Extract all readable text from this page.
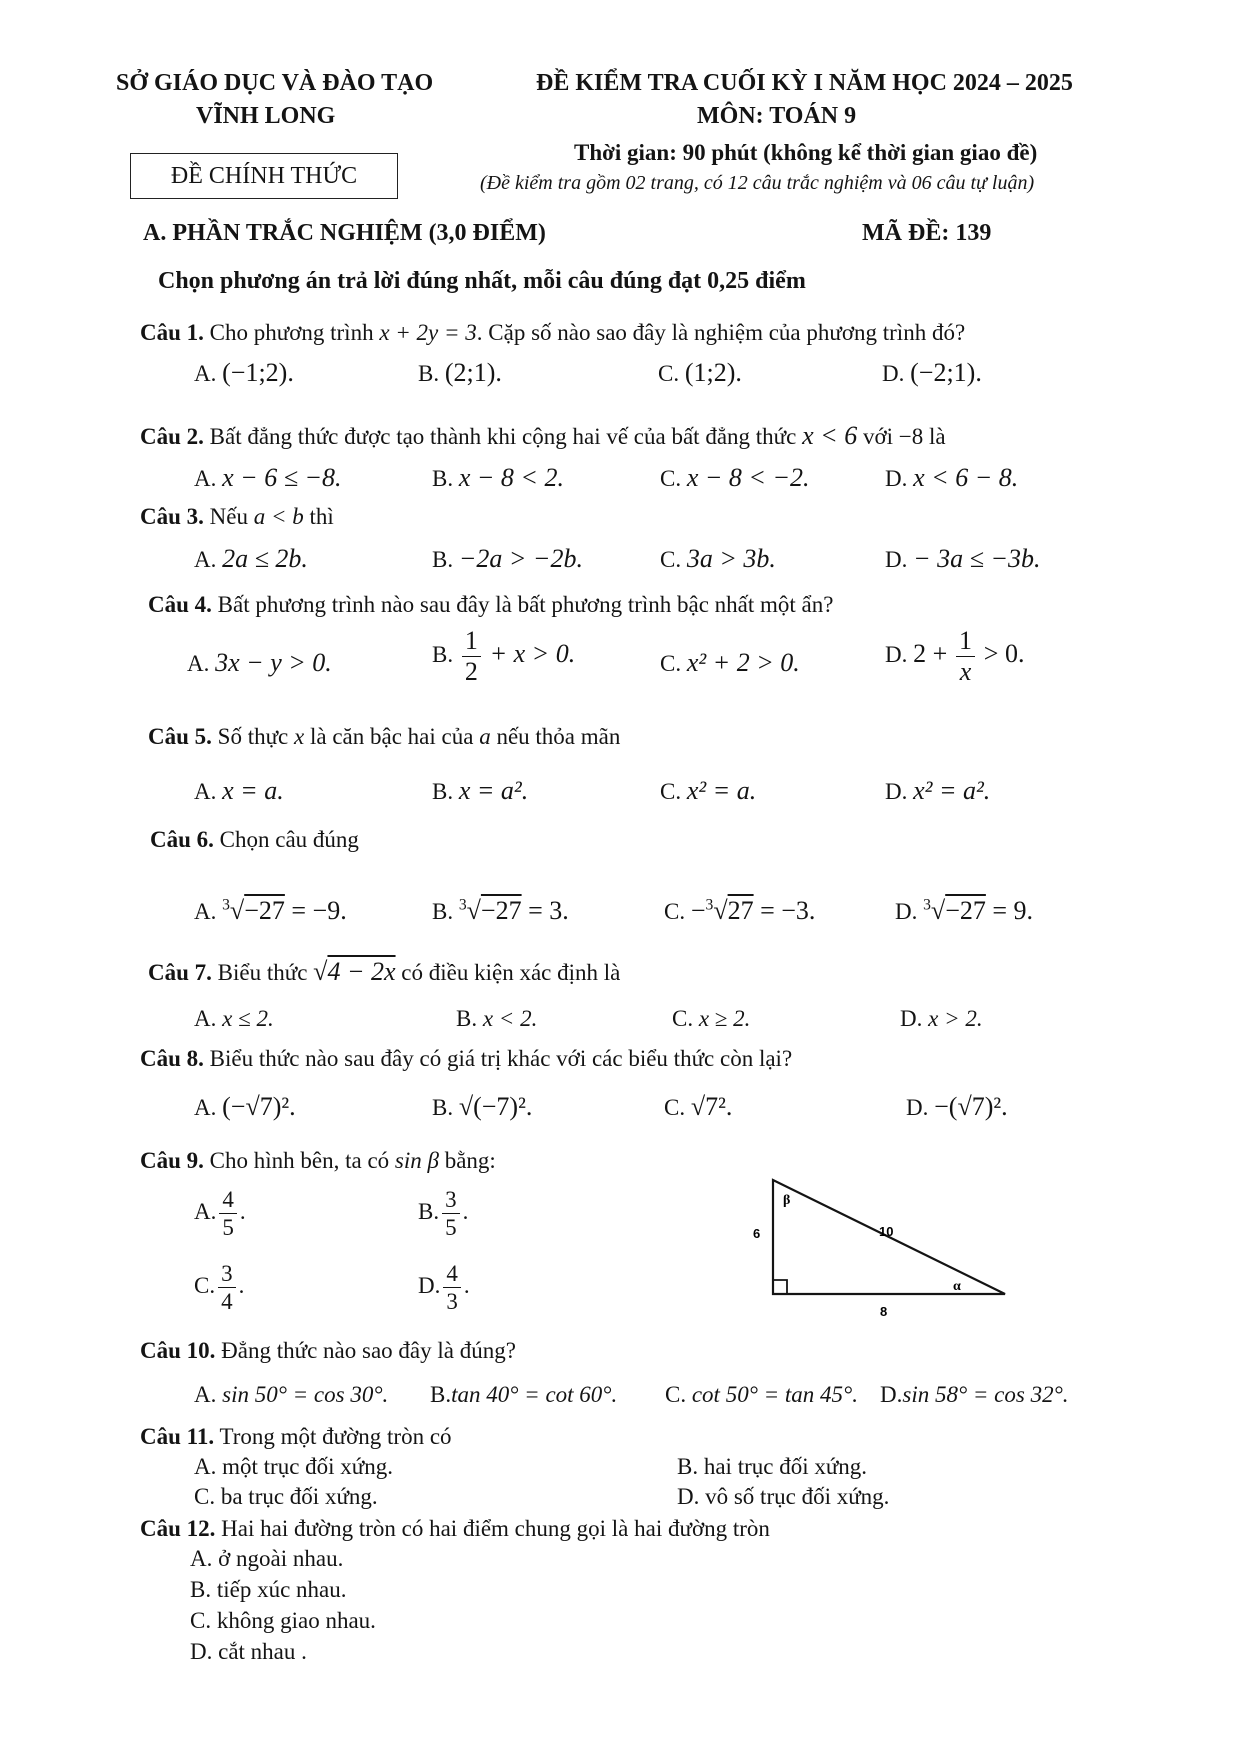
SỞ GIÁO DỤC VÀ ĐÀO TẠO
VĨNH LONG
ĐỀ CHÍNH THỨC
ĐỀ KIỂM TRA CUỐI KỲ I NĂM HỌC 2024 – 2025
MÔN: TOÁN 9
Thời gian: 90 phút (không kể thời gian giao đề)
(Đề kiểm tra gồm 02 trang, có 12 câu trắc nghiệm và 06 câu tự luận)
A. PHẦN TRẮC NGHIỆM (3,0 ĐIỂM)	MÃ ĐỀ: 139
Chọn phương án trả lời đúng nhất, mỗi câu đúng đạt 0,25 điểm
Câu 1. Cho phương trình x + 2y = 3. Cặp số nào sao đây là nghiệm của phương trình đó?
A. (−1;2).	B. (2;1).	C. (1;2).	D. (−2;1).
Câu 2. Bất đẳng thức được tạo thành khi cộng hai vế của bất đẳng thức x < 6 với −8 là
A. x − 6 ≤ −8.	B. x − 8 < 2.	C. x − 8 < −2.	D. x < 6 − 8.
Câu 3. Nếu a < b thì
A. 2a ≤ 2b.	B. −2a > −2b.	C. 3a > 3b.	D. − 3a ≤ −3b.
Câu 4. Bất phương trình nào sau đây là bất phương trình bậc nhất một ẩn?
A. 3x − y > 0.	B. $\frac{1}{2} + x > 0$.	C. x² + 2 > 0.	D. $2 + \frac{1}{x} > 0$.
Câu 5. Số thực x là căn bậc hai của a nếu thỏa mãn
A. x = a.	B. x = a².	C. x² = a.	D. x² = a².
Câu 6. Chọn câu đúng
A. $^3$√−27 = −9.	B. $^3$√−27 = 3.	C. −$^3$√27 = −3.	D. $^3$√−27 = 9.
Câu 7. Biểu thức √4 − 2x có điều kiện xác định là
A. x ≤ 2.	B. x < 2.	C. x ≥ 2.	D. x > 2.
Câu 8. Biểu thức nào sau đây có giá trị khác với các biểu thức còn lại?
A. (−√7)².	B. √(−7)².	C. √7².	D. −(√7)².
Câu 9. Cho hình bên, ta có sin β bằng:
A. $\frac{4}{5}$ .	B. $\frac{3}{5}$ .
C. $\frac{3}{4}$ .	D. $\frac{4}{3}$ .
β
α
6	10
8
Câu 10. Đẳng thức nào sao đây là đúng?
A. sin 50° = cos 30°. B.tan 40° = cot 60°. C. cot 50° = tan 45°. D.sin 58° = cos 32°.
Câu 11. Trong một đường tròn có
A. một trục đối xứng.	B. hai trục đối xứng.
C. ba trục đối xứng.	D. vô số trục đối xứng.
Câu 12. Hai hai đường tròn có hai điểm chung gọi là hai đường tròn
A. ở ngoài nhau.
B. tiếp xúc nhau.
C. không giao nhau.
D. cắt nhau .
